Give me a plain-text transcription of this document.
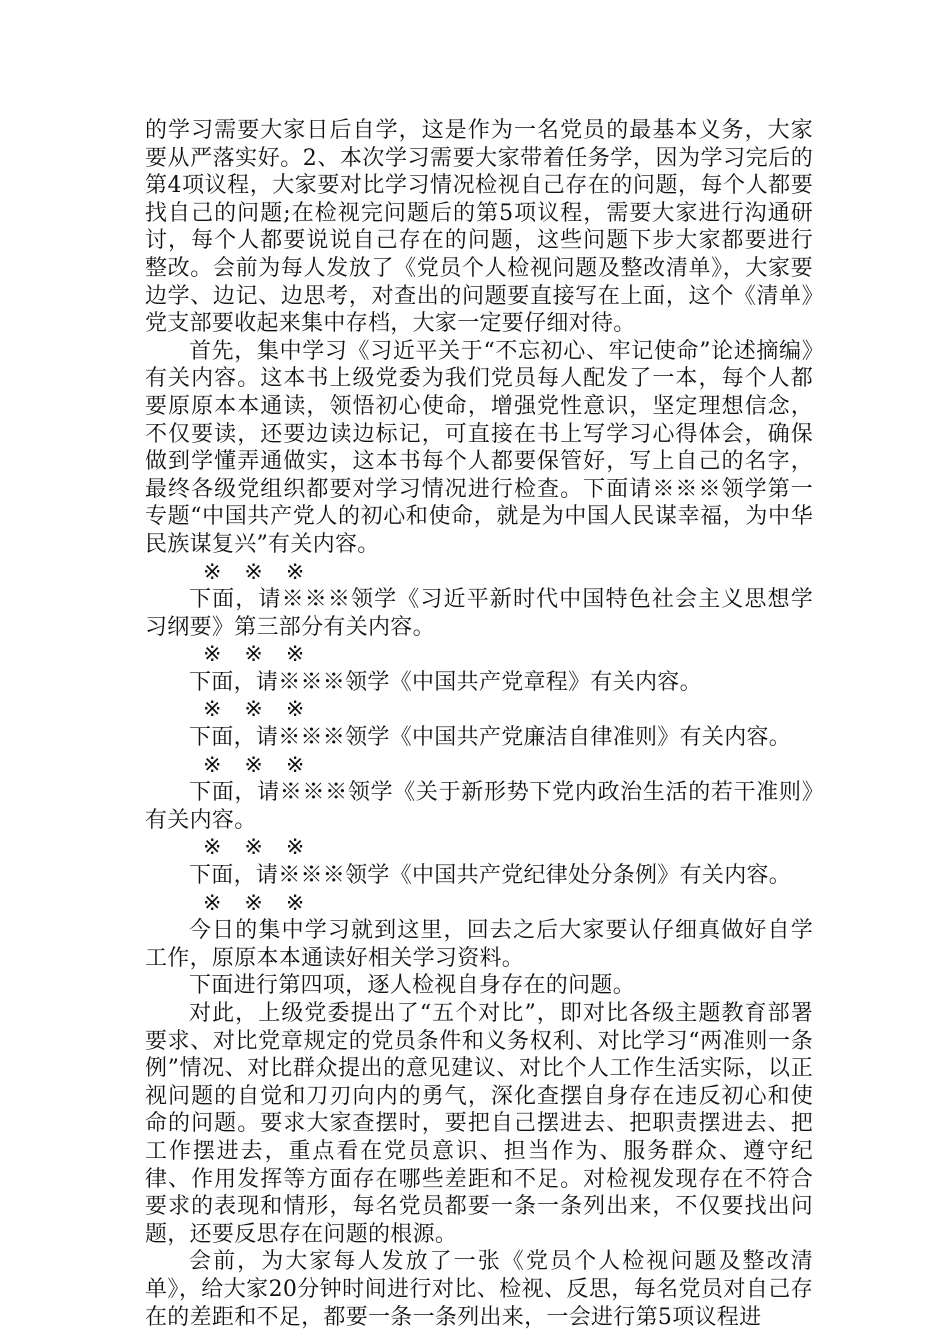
的学习需要大家日后自学，这是作为一名党员的最基本义务，大家要从严落实好。2、本次学习需要大家带着任务学，因为学习完后的第4项议程，大家要对比学习情况检视自己存在的问题，每个人都要找自己的问题;在检视完问题后的第5项议程，需要大家进行沟通研讨，每个人都要说说自己存在的问题，这些问题下步大家都要进行整改。会前为每人发放了《党员个人检视问题及整改清单》，大家要边学、边记、边思考，对查出的问题要直接写在上面，这个《清单》党支部要收起来集中存档，大家一定要仔细对待。

首先，集中学习《习近平关于“不忘初心、牢记使命”论述摘编》有关内容。这本书上级党委为我们党员每人配发了一本，每个人都要原原本本通读，领悟初心使命，增强党性意识，坚定理想信念，不仅要读，还要边读边标记，可直接在书上写学习心得体会，确保做到学懂弄通做实，这本书每个人都要保管好，写上自己的名字，最终各级党组织都要对学习情况进行检查。下面请※※※领学第一专题“中国共产党人的初心和使命，就是为中国人民谋幸福，为中华民族谋复兴”有关内容。

※ ※ ※

下面，请※※※领学《习近平新时代中国特色社会主义思想学习纲要》第三部分有关内容。

※ ※ ※

下面，请※※※领学《中国共产党章程》有关内容。

※ ※ ※

下面，请※※※领学《中国共产党廉洁自律准则》有关内容。

※ ※ ※

下面，请※※※领学《关于新形势下党内政治生活的若干准则》有关内容。

※ ※ ※

下面，请※※※领学《中国共产党纪律处分条例》有关内容。

※ ※ ※

今日的集中学习就到这里，回去之后大家要认仔细真做好自学工作，原原本本通读好相关学习资料。

下面进行第四项，逐人检视自身存在的问题。

对此，上级党委提出了“五个对比”，即对比各级主题教育部署要求、对比党章规定的党员条件和义务权利、对比学习“两准则一条例”情况、对比群众提出的意见建议、对比个人工作生活实际，以正视问题的自觉和刀刃向内的勇气，深化查摆自身存在违反初心和使命的问题。要求大家查摆时，要把自己摆进去、把职责摆进去、把工作摆进去，重点看在党员意识、担当作为、服务群众、遵守纪律、作用发挥等方面存在哪些差距和不足。对检视发现存在不符合要求的表现和情形，每名党员都要一条一条列出来，不仅要找出问题，还要反思存在问题的根源。

会前，为大家每人发放了一张《党员个人检视问题及整改清单》，给大家20分钟时间进行对比、检视、反思，每名党员对自己存在的差距和不足，都要一条一条列出来，一会进行第5项议程进
